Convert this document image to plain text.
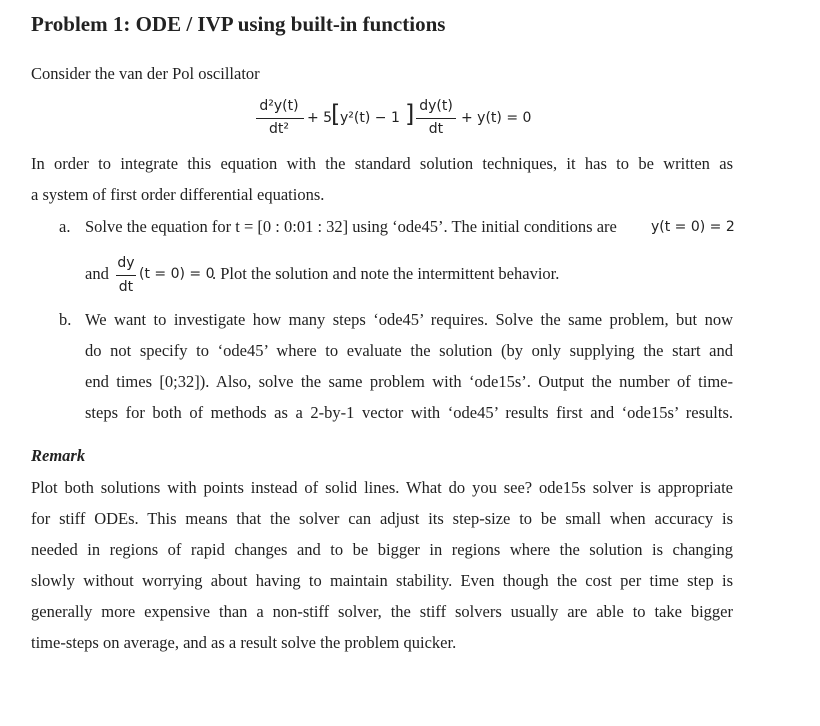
Problem 1: ODE / IVP using built-in functions
Consider the van der Pol oscillator
d²y(t)
dt²
+ 5
[ y²(t) − 1 ] dy(t)
dt
+ y(t) = 0
In order to integrate this equation with the standard solution techniques, it has to be written as
a system of first order differential equations.
a. Solve the equation for t = [0 : 0:01 : 32] using ‘ode45’. The initial conditions are y(t = 0) = 2
and
dy
dt
(t = 0) = 0
. Plot the solution and note the intermittent behavior.
b. We want to investigate how many steps ‘ode45’ requires. Solve the same problem, but now
do not specify to ‘ode45’ where to evaluate the solution (by only supplying the start and
end times [0;32]). Also, solve the same problem with ‘ode15s’. Output the number of time-
steps for both of methods as a 2-by-1 vector with ‘ode45’ results first and ‘ode15s’ results.
Remark
Plot both solutions with points instead of solid lines. What do you see? ode15s solver is appropriate
for stiff ODEs. This means that the solver can adjust its step-size to be small when accuracy is
needed in regions of rapid changes and to be bigger in regions where the solution is changing
slowly without worrying about having to maintain stability. Even though the cost per time step is
generally more expensive than a non-stiff solver, the stiff solvers usually are able to take bigger
time-steps on average, and as a result solve the problem quicker.
